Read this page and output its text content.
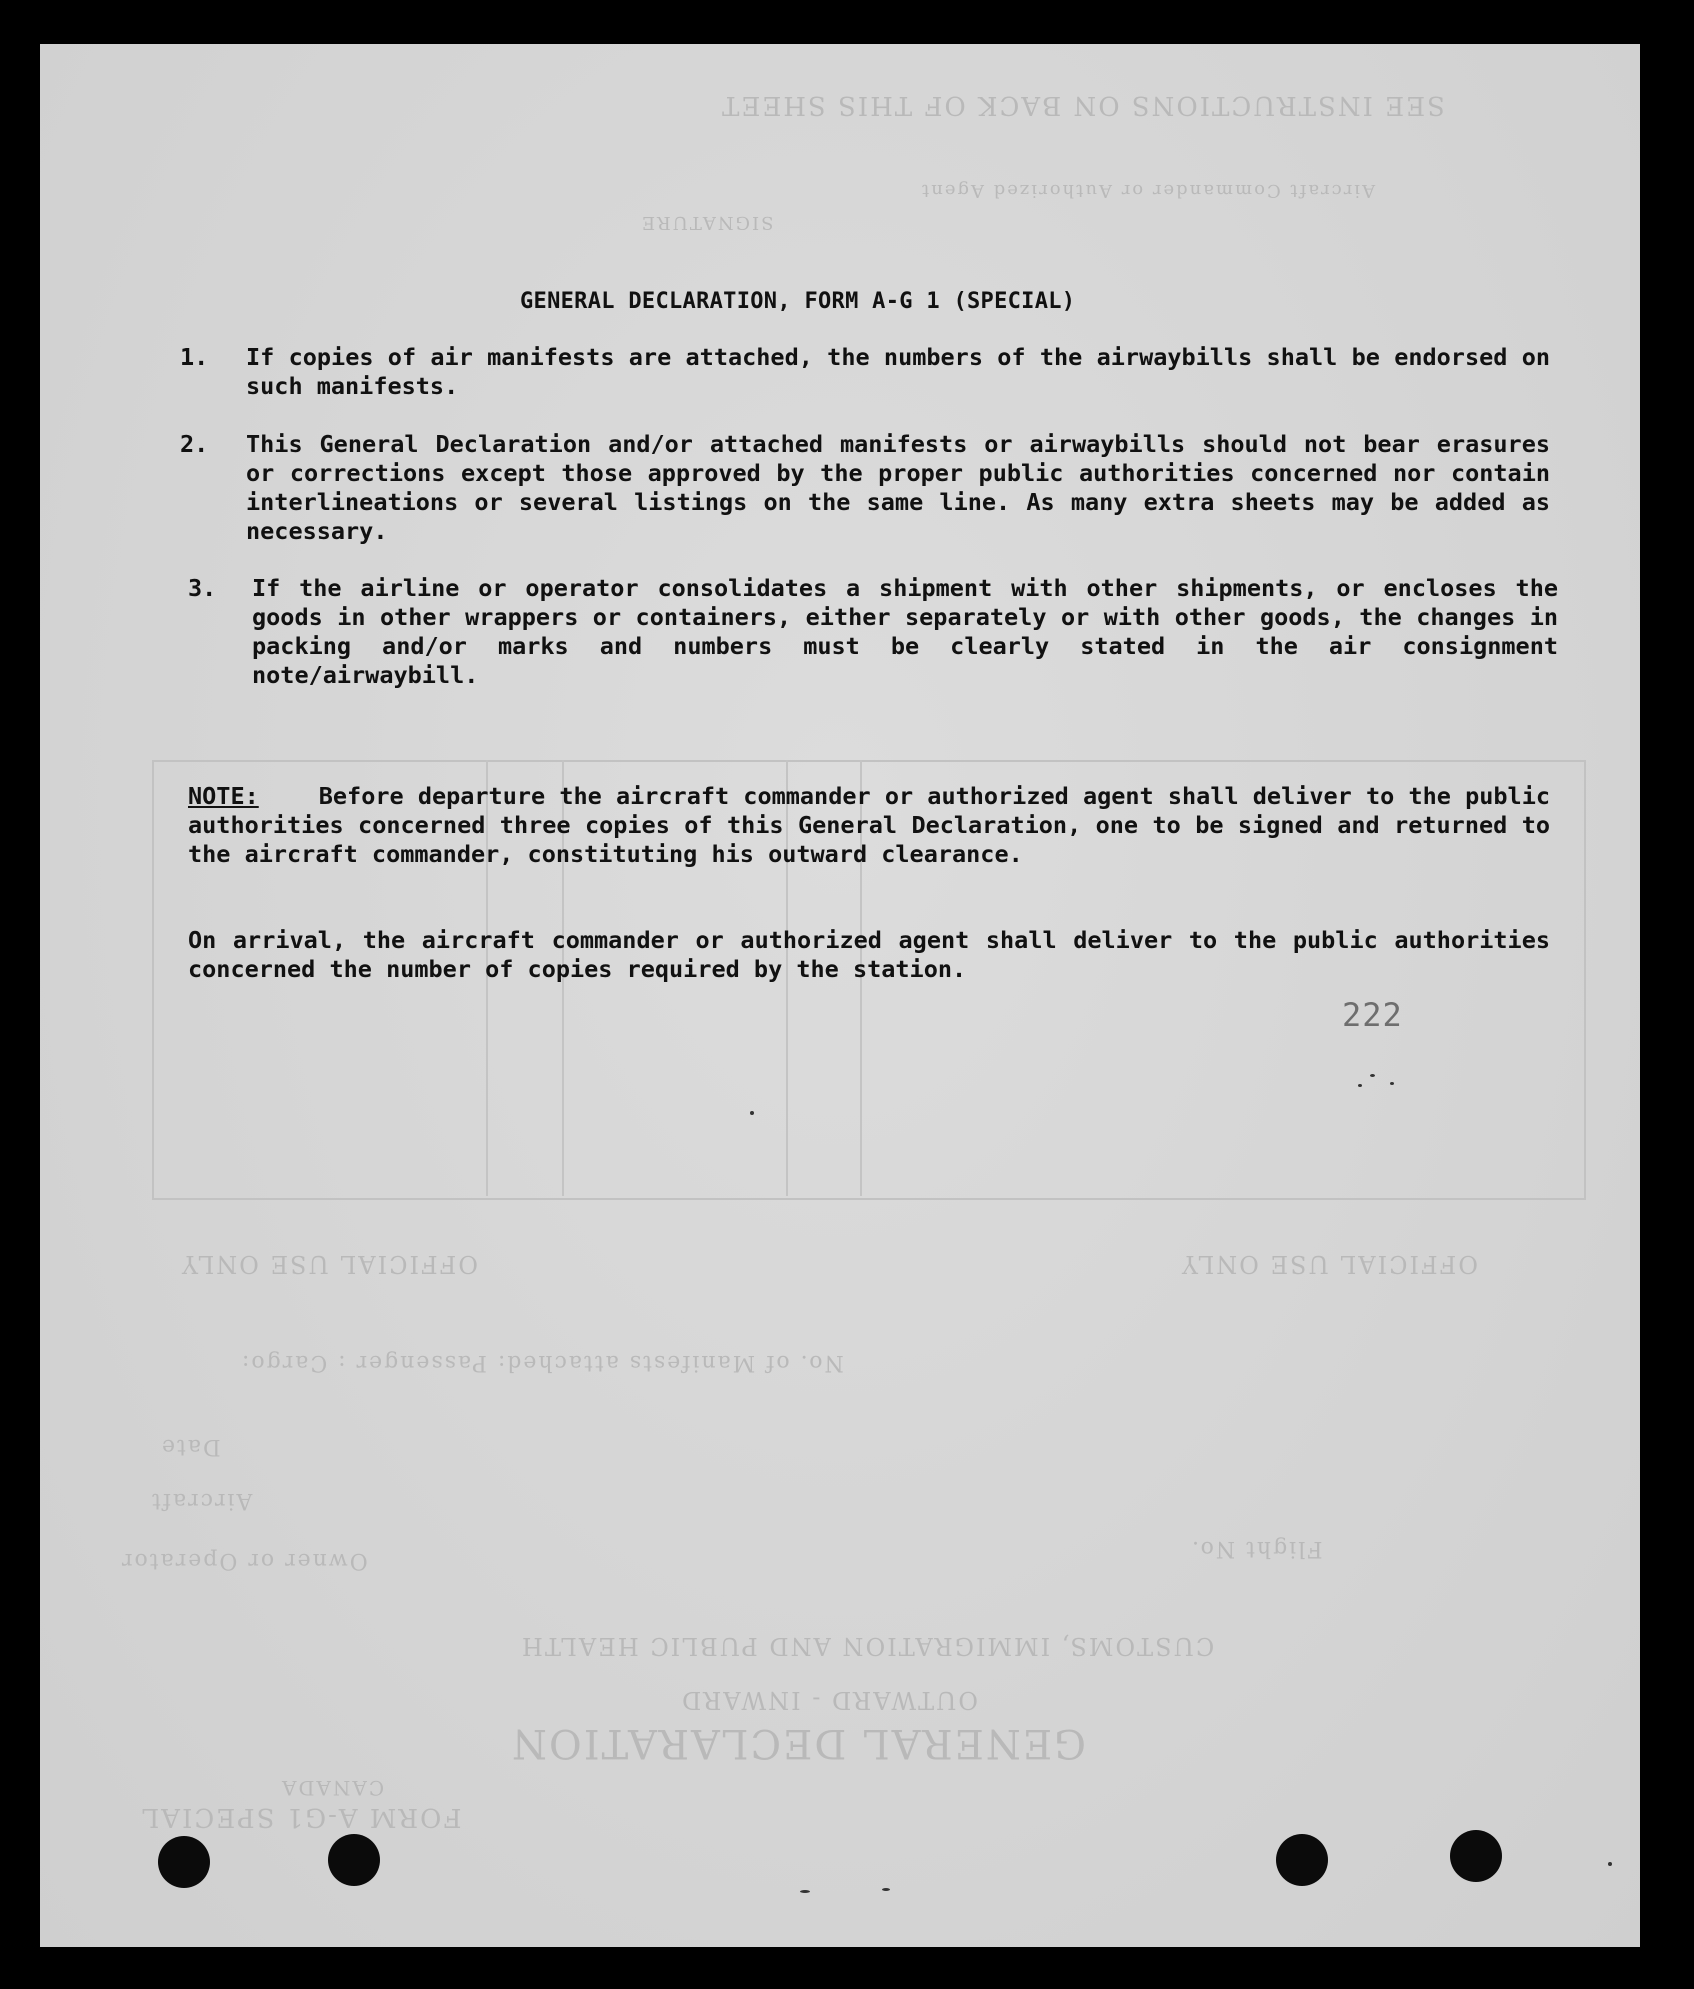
SEE INSTRUCTIONS ON BACK OF THIS SHEET
Aircraft Commander or Authorized Agent
SIGNATURE
OFFICIAL USE ONLY	OFFICIAL USE ONLY
CUSTOMS, IMMIGRATION AND PUBLIC HEALTH
OUTWARD - INWARD
GENERAL DECLARATION
FORM A-G1 SPECIAL
CANADA
Flight No.
Owner or Operator
Aircraft
Date
No. of Manifests attached: Passenger : Cargo:
GENERAL DECLARATION, FORM A-G 1 (SPECIAL)
1. If copies of air manifests are attached, the numbers of the airwaybills shall be endorsed on such manifests.
2. This General Declaration and/or attached manifests or airwaybills should not bear erasures or corrections except those approved by the proper public authorities concerned nor contain interlineations or several listings on the same line. As many extra sheets may be added as necessary.
3. If the airline or operator consolidates a shipment with other shipments, or encloses the goods in other wrappers or containers, either separately or with other goods, the changes in packing and/or marks and numbers must be clearly stated in the air consignment note/airwaybill.
NOTE:	Before departure the aircraft commander or authorized agent shall deliver to the public authorities concerned three copies of this General Declaration, one to be signed and returned to the aircraft commander, constituting his outward clearance.
On arrival, the aircraft commander or authorized agent shall deliver to the public authorities concerned the number of copies required by the station.
222
